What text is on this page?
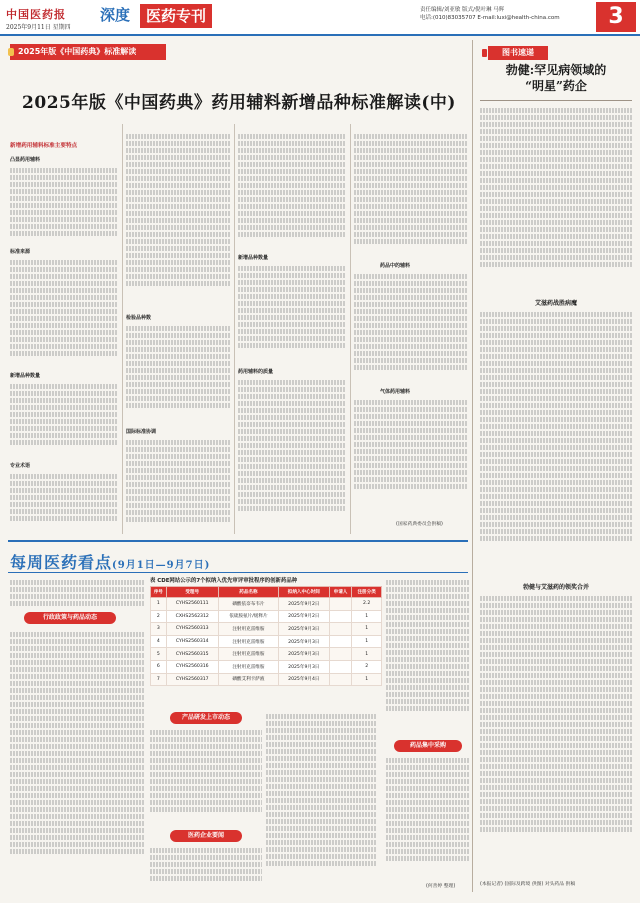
中国医药报
2025年9月11日 星期四
深度	医药专刊	责任编辑/刘亚敏 版式/倪叶琳 马辉
电话:(010)83035707 E-mail:luxi@health-china.com	3
2025年版《中国药典》标准解读
2025年版《中国药典》药用辅料新增品种标准解读(中)
新增药用辅料标准主要特点
凸显药用辅料
标准来源
新增品种数量
专业术语
检验品种数
国际标准协调
新增品种数量
药用辅料的质量
药品中的辅料
气体药用辅料
(国家药典委员会供稿)
图书速递
勃健:罕见病领域的
“明星”药企
艾滋药战胜病魔
勃健与艾滋药的领奖合并
(本报记者) (国际及跨境 供图) 对头药品 供稿
每周医药看点(9月1日—9月7日)
行政政策与药品动态
表 CDE网站公示的7个拟纳入优先审评审批程序的创新药品种
序号	受理号	药品名称	拟纳入中心时间	申请人	注册分类
1	CYHS2560111	磷酸依奈布韦片	2025年9月2日		2.2
2	CXHS2562312	依硫胺氨片/缓释片	2025年9月2日		1
3	CYHS2560313	注射用克雷维胺	2025年9月3日		1
4	CYHS2560314	注射用克雷维胺	2025年9月3日		1
5	CYHS2560315	注射用克雷维胺	2025年9月3日		1
6	CYHS2560316	注射用克雷维胺	2025年9月3日		2
7	CYHS2560317	磷酸艾利卡萨液	2025年9月4日		1
产品研发上市动态
医药企业要闻
药品集中采购
(何善婷 整理)
